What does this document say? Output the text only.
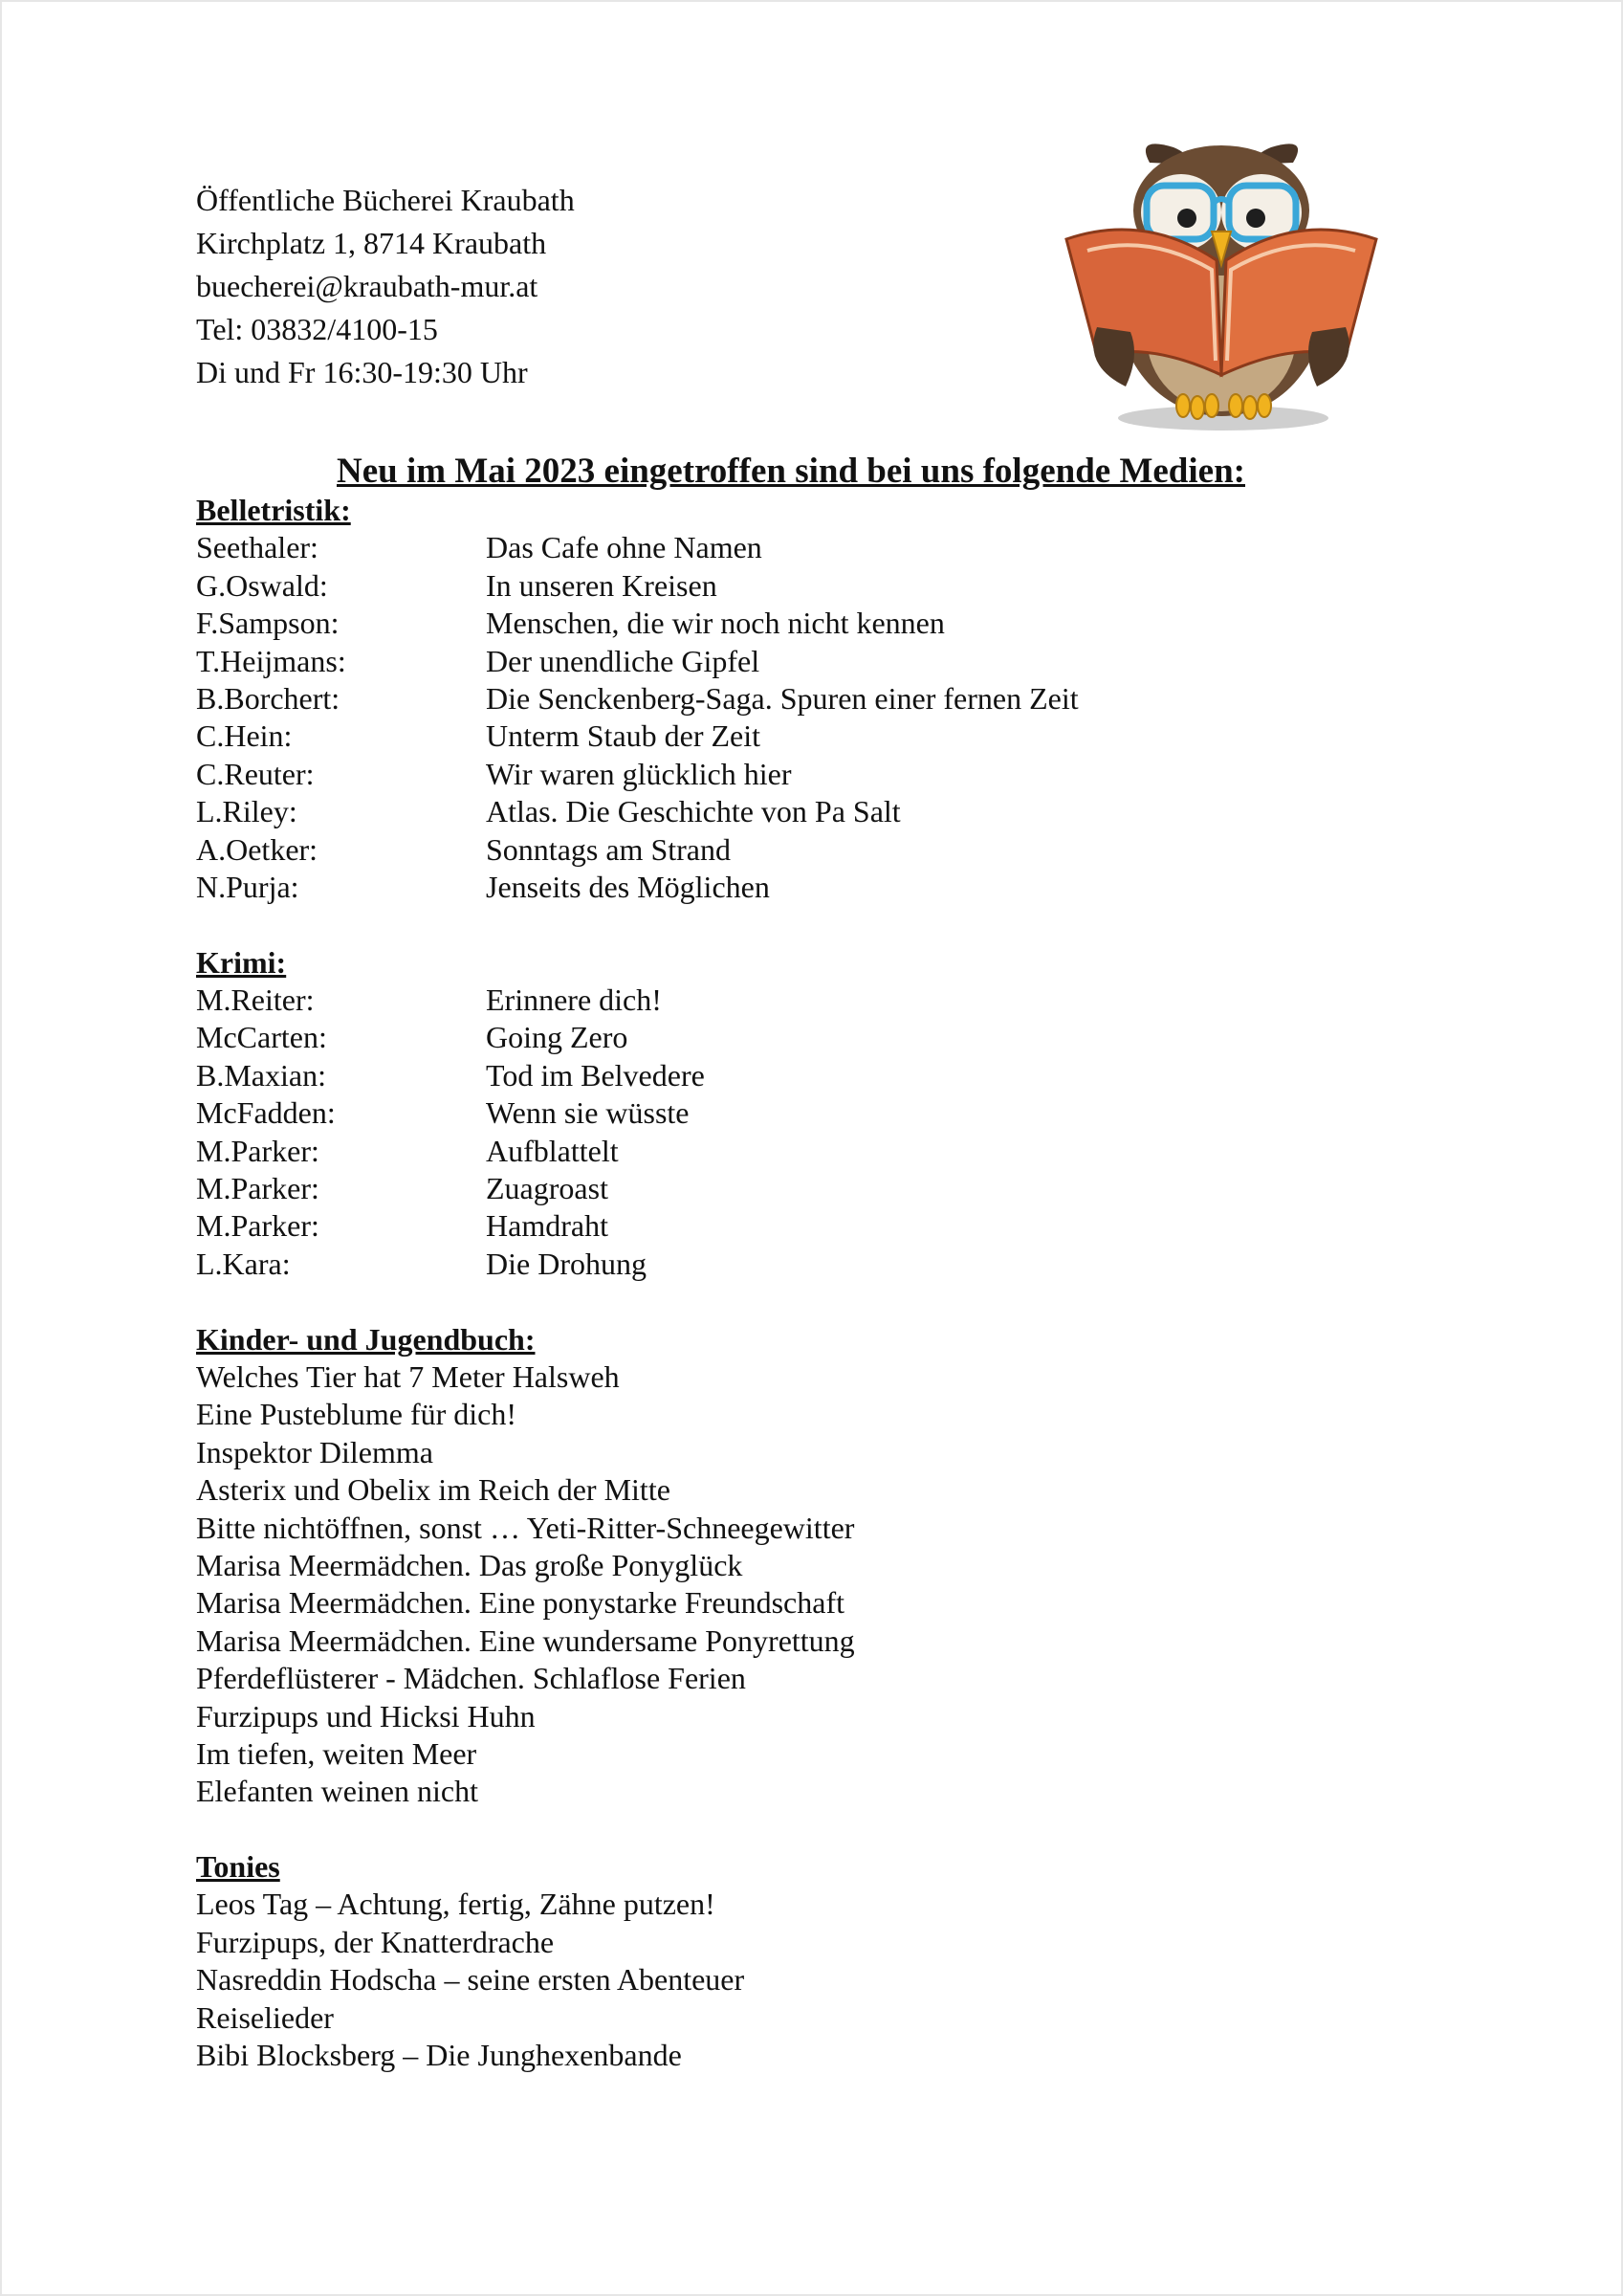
Öffentliche Bücherei Kraubath
Kirchplatz 1, 8714 Kraubath
buecherei@kraubath-mur.at
Tel: 03832/4100-15
Di und Fr 16:30-19:30 Uhr
Neu im Mai 2023 eingetroffen sind bei uns folgende Medien:
Belletristik:
Seethaler:	Das Cafe ohne Namen
G.Oswald:	In unseren Kreisen
F.Sampson:	Menschen, die wir noch nicht kennen
T.Heijmans:	Der unendliche Gipfel
B.Borchert:	Die Senckenberg-Saga. Spuren einer fernen Zeit
C.Hein:	Unterm Staub der Zeit
C.Reuter:	Wir waren glücklich hier
L.Riley:	Atlas. Die Geschichte von Pa Salt
A.Oetker:	Sonntags am Strand
N.Purja:	Jenseits des Möglichen
Krimi:
M.Reiter:	Erinnere dich!
McCarten:	Going Zero
B.Maxian:	Tod im Belvedere
McFadden:	Wenn sie wüsste
M.Parker:	Aufblattelt
M.Parker:	Zuagroast
M.Parker:	Hamdraht
L.Kara:	Die Drohung
Kinder- und Jugendbuch:
Welches Tier hat 7 Meter Halsweh
Eine Pusteblume für dich!
Inspektor Dilemma
Asterix und Obelix im Reich der Mitte
Bitte nichtöffnen, sonst … Yeti-Ritter-Schneegewitter
Marisa Meermädchen. Das große Ponyglück
Marisa Meermädchen. Eine ponystarke Freundschaft
Marisa Meermädchen. Eine wundersame Ponyrettung
Pferdeflüsterer - Mädchen. Schlaflose Ferien
Furzipups und Hicksi Huhn
Im tiefen, weiten Meer
Elefanten weinen nicht
Tonies
Leos Tag – Achtung, fertig, Zähne putzen!
Furzipups, der Knatterdrache
Nasreddin Hodscha – seine ersten Abenteuer
Reiselieder
Bibi Blocksberg – Die Junghexenbande
